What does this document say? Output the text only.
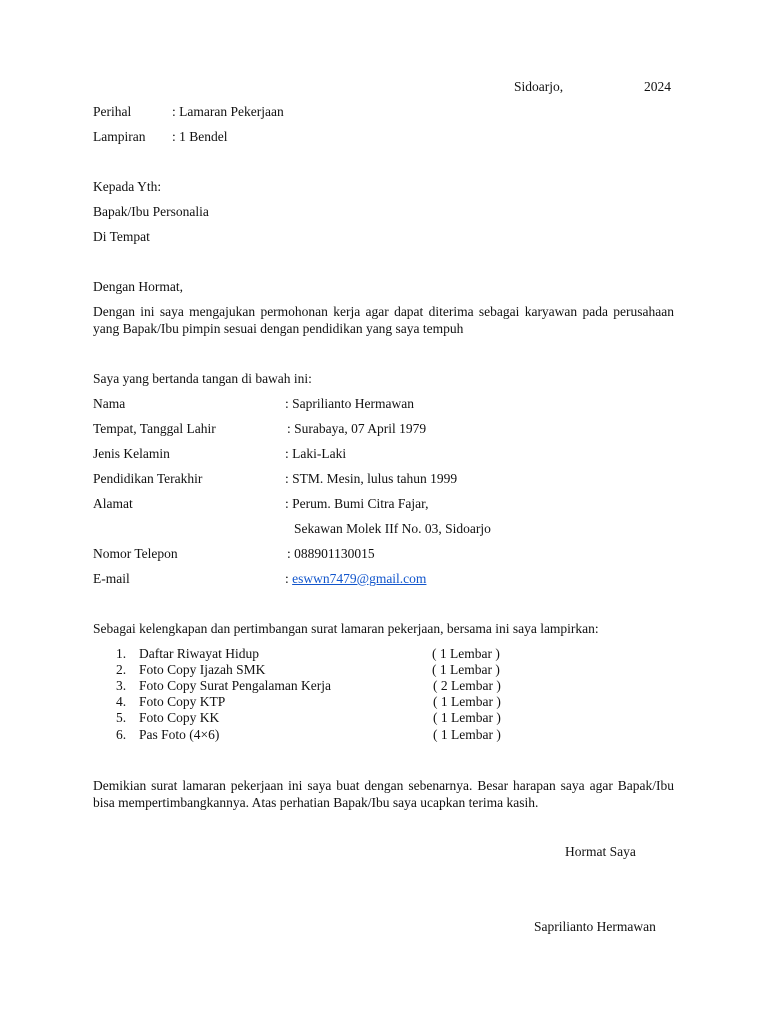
Sidoarjo,	2024
Perihal	: Lamaran Pekerjaan
Lampiran : 1 Bendel
Kepada Yth:
Bapak/Ibu Personalia
Di Tempat
Dengan Hormat,
Dengan ini saya mengajukan permohonan kerja agar dapat diterima sebagai karyawan pada perusahaan yang Bapak/Ibu pimpin sesuai dengan pendidikan yang saya tempuh
Saya yang bertanda tangan di bawah ini:
Nama	: Saprilianto Hermawan
Tempat, Tanggal Lahir	: Surabaya, 07 April 1979
Jenis Kelamin	: Laki-Laki
Pendidikan Terakhir	: STM. Mesin, lulus tahun 1999
Alamat	: Perum. Bumi Citra Fajar,
Sekawan Molek IIf No. 03, Sidoarjo
Nomor Telepon	: 088901130015
E-mail	: eswwn7479@gmail.com
Sebagai kelengkapan dan pertimbangan surat lamaran pekerjaan, bersama ini saya lampirkan:
1. Daftar Riwayat Hidup	( 1 Lembar )
2. Foto Copy Ijazah SMK	( 1 Lembar )
3. Foto Copy Surat Pengalaman Kerja	( 2 Lembar )
4. Foto Copy KTP	( 1 Lembar )
5. Foto Copy KK	( 1 Lembar )
6. Pas Foto (4×6)	( 1 Lembar )
Demikian surat lamaran pekerjaan ini saya buat dengan sebenarnya. Besar harapan saya agar Bapak/Ibu bisa mempertimbangkannya. Atas perhatian Bapak/Ibu saya ucapkan terima kasih.
Hormat Saya
Saprilianto Hermawan
